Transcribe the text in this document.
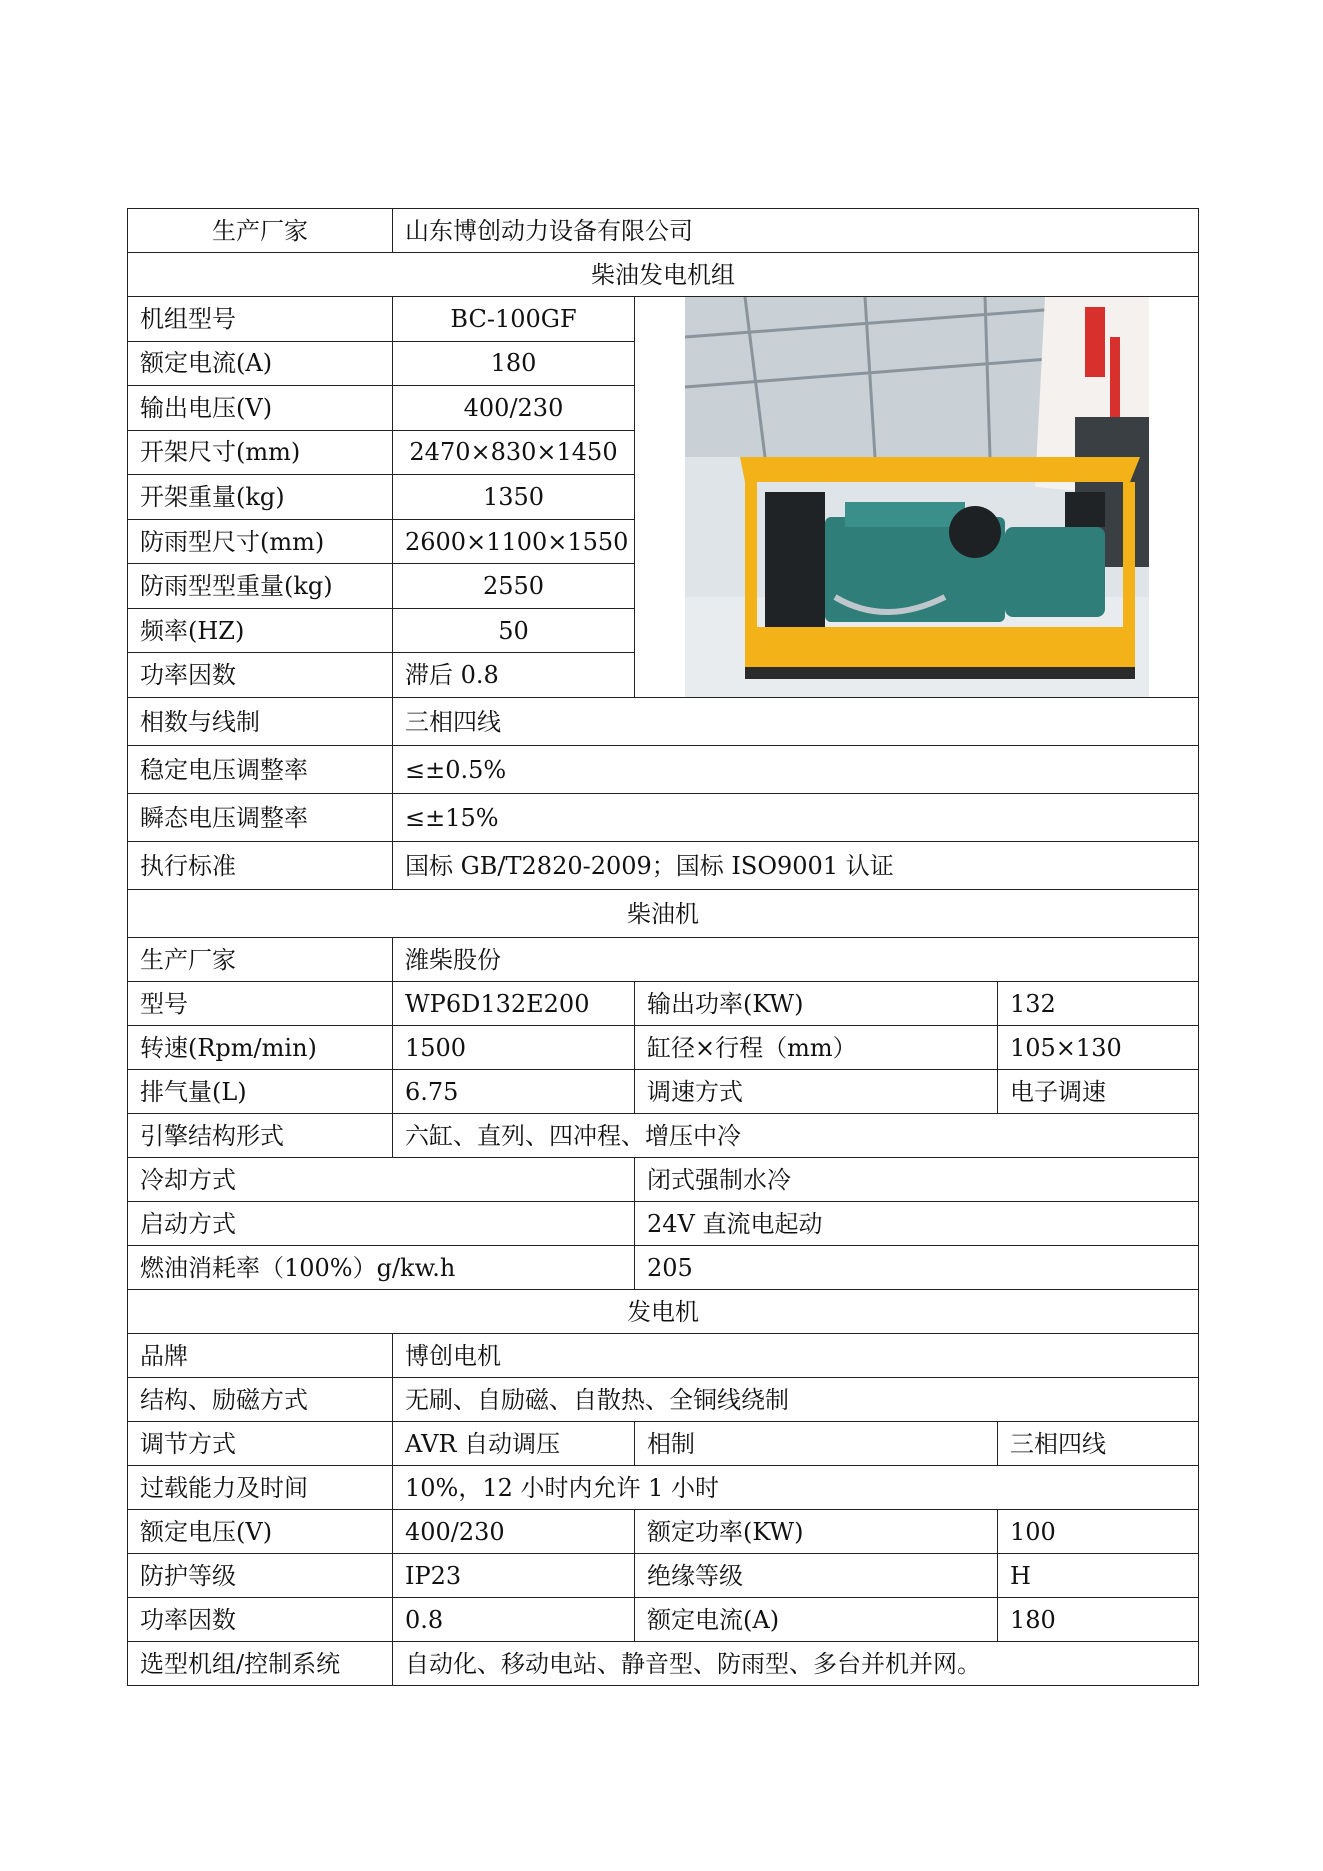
生产厂家	山东博创动力设备有限公司		
柴油发电机组			
机组型号	BC-100GF	

额定电流(A)	180		
输出电压(V)	400/230		
开架尺寸(mm)	2470×830×1450		
开架重量(kg)	1350		
防雨型尺寸(mm)	2600×1100×1550		
防雨型型重量(kg)	2550		
频率(HZ)	50		
功率因数	滞后 0.8		
相数与线制	三相四线		
稳定电压调整率	≤±0.5%		
瞬态电压调整率	≤±15%		
执行标准	国标 GB/T2820-2009；国标 ISO9001 认证		
柴油机			
生产厂家	潍柴股份		
型号	WP6D132E200	输出功率(KW)	132
转速(Rpm/min)	1500	缸径×行程（mm）	105×130
排气量(L)	6.75	调速方式	电子调速
引擎结构形式	六缸、直列、四冲程、增压中冷		
冷却方式		闭式强制水冷	
启动方式		24V 直流电起动	
燃油消耗率（100%）g/kw.h		205	
发电机			
品牌	博创电机		
结构、励磁方式	无刷、自励磁、自散热、全铜线绕制		
调节方式	AVR 自动调压	相制	三相四线
过载能力及时间	10%，12 小时内允许 1 小时		
额定电压(V)	400/230	额定功率(KW)	100
防护等级	IP23	绝缘等级	H
功率因数	0.8	额定电流(A)	180
选型机组/控制系统	自动化、移动电站、静音型、防雨型、多台并机并网。		
